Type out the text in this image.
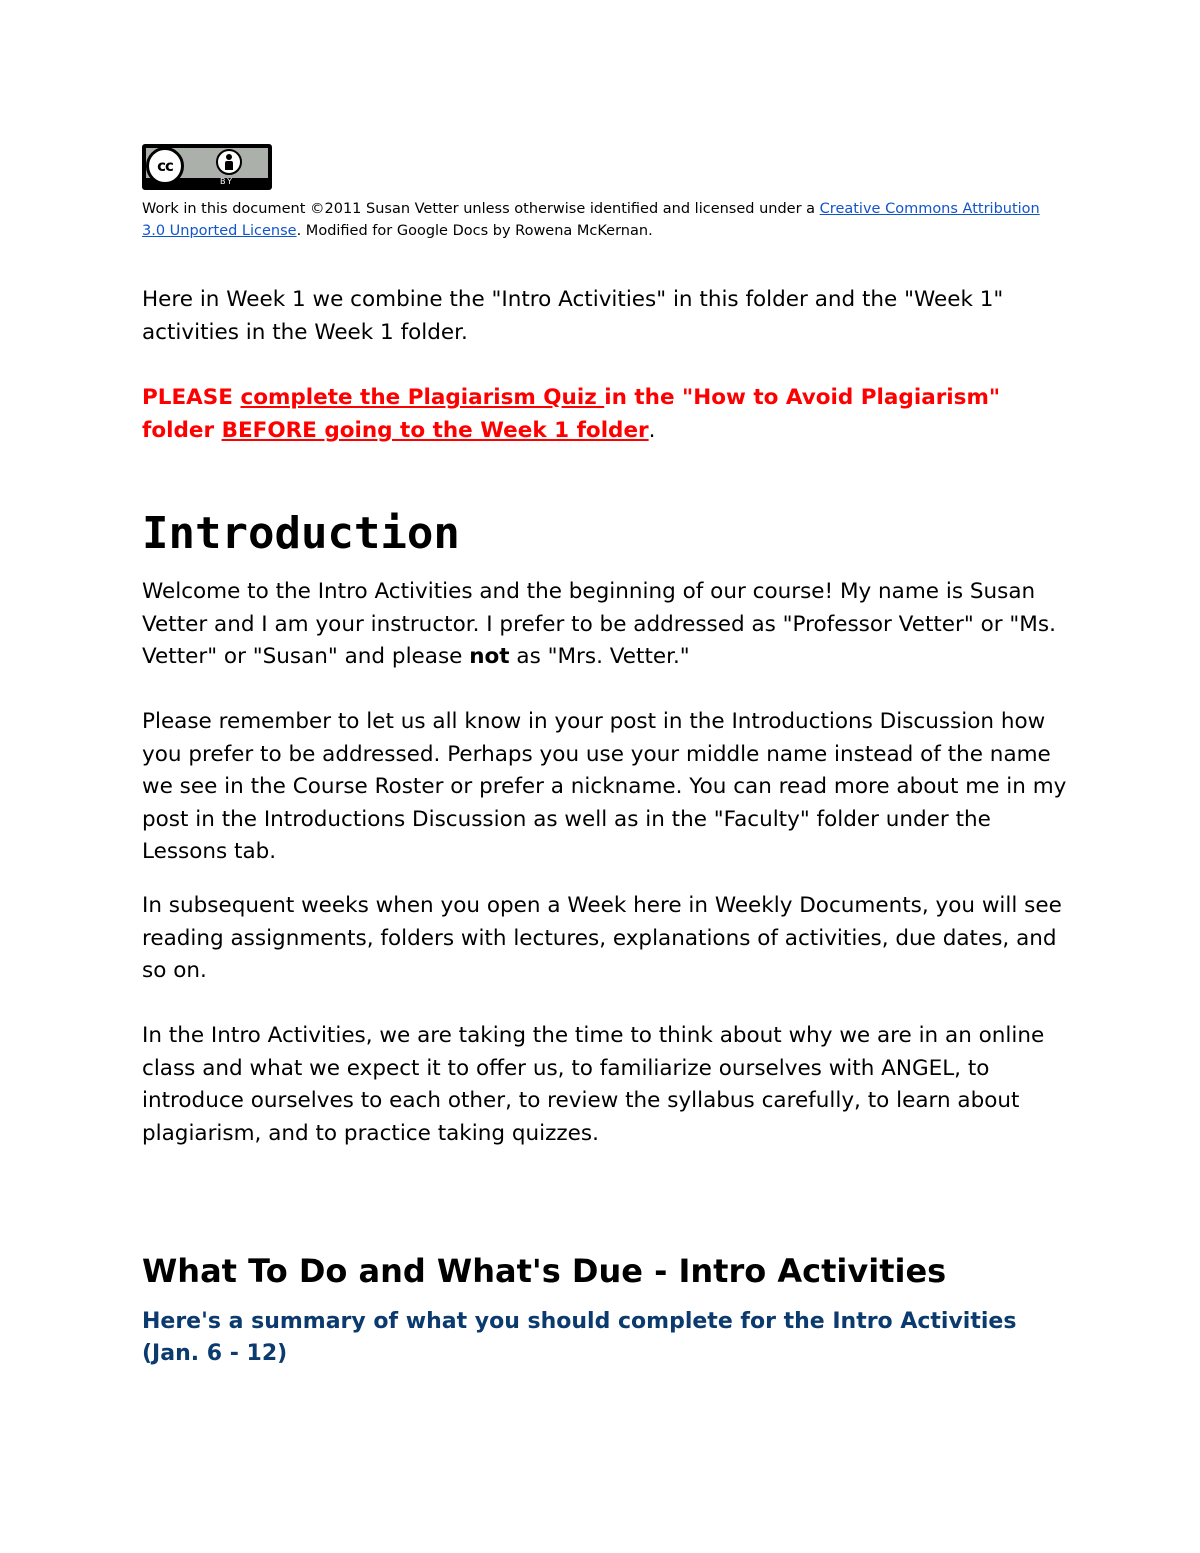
cc
BY

Work in this document ©2011 Susan Vetter unless otherwise identified and licensed under a Creative Commons Attribution 3.0 Unported License. Modified for Google Docs by Rowena McKernan.

Here in Week 1 we combine the "Intro Activities" in this folder and the "Week 1" activities in the Week 1 folder.

PLEASE complete the Plagiarism Quiz in the "How to Avoid Plagiarism" folder BEFORE going to the Week 1 folder.

Introduction

Welcome to the Intro Activities and the beginning of our course! My name is Susan Vetter and I am your instructor. I prefer to be addressed as "Professor Vetter" or "Ms. Vetter" or "Susan" and please not as "Mrs. Vetter."

Please remember to let us all know in your post in the Introductions Discussion how you prefer to be addressed. Perhaps you use your middle name instead of the name we see in the Course Roster or prefer a nickname. You can read more about me in my post in the Introductions Discussion as well as in the "Faculty" folder under the Lessons tab.

In subsequent weeks when you open a Week here in Weekly Documents, you will see reading assignments, folders with lectures, explanations of activities, due dates, and so on.

In the Intro Activities, we are taking the time to think about why we are in an online class and what we expect it to offer us, to familiarize ourselves with ANGEL, to introduce ourselves to each other, to review the syllabus carefully, to learn about plagiarism, and to practice taking quizzes.

What To Do and What's Due - Intro Activities
Here's a summary of what you should complete for the Intro Activities (Jan. 6 - 12)
